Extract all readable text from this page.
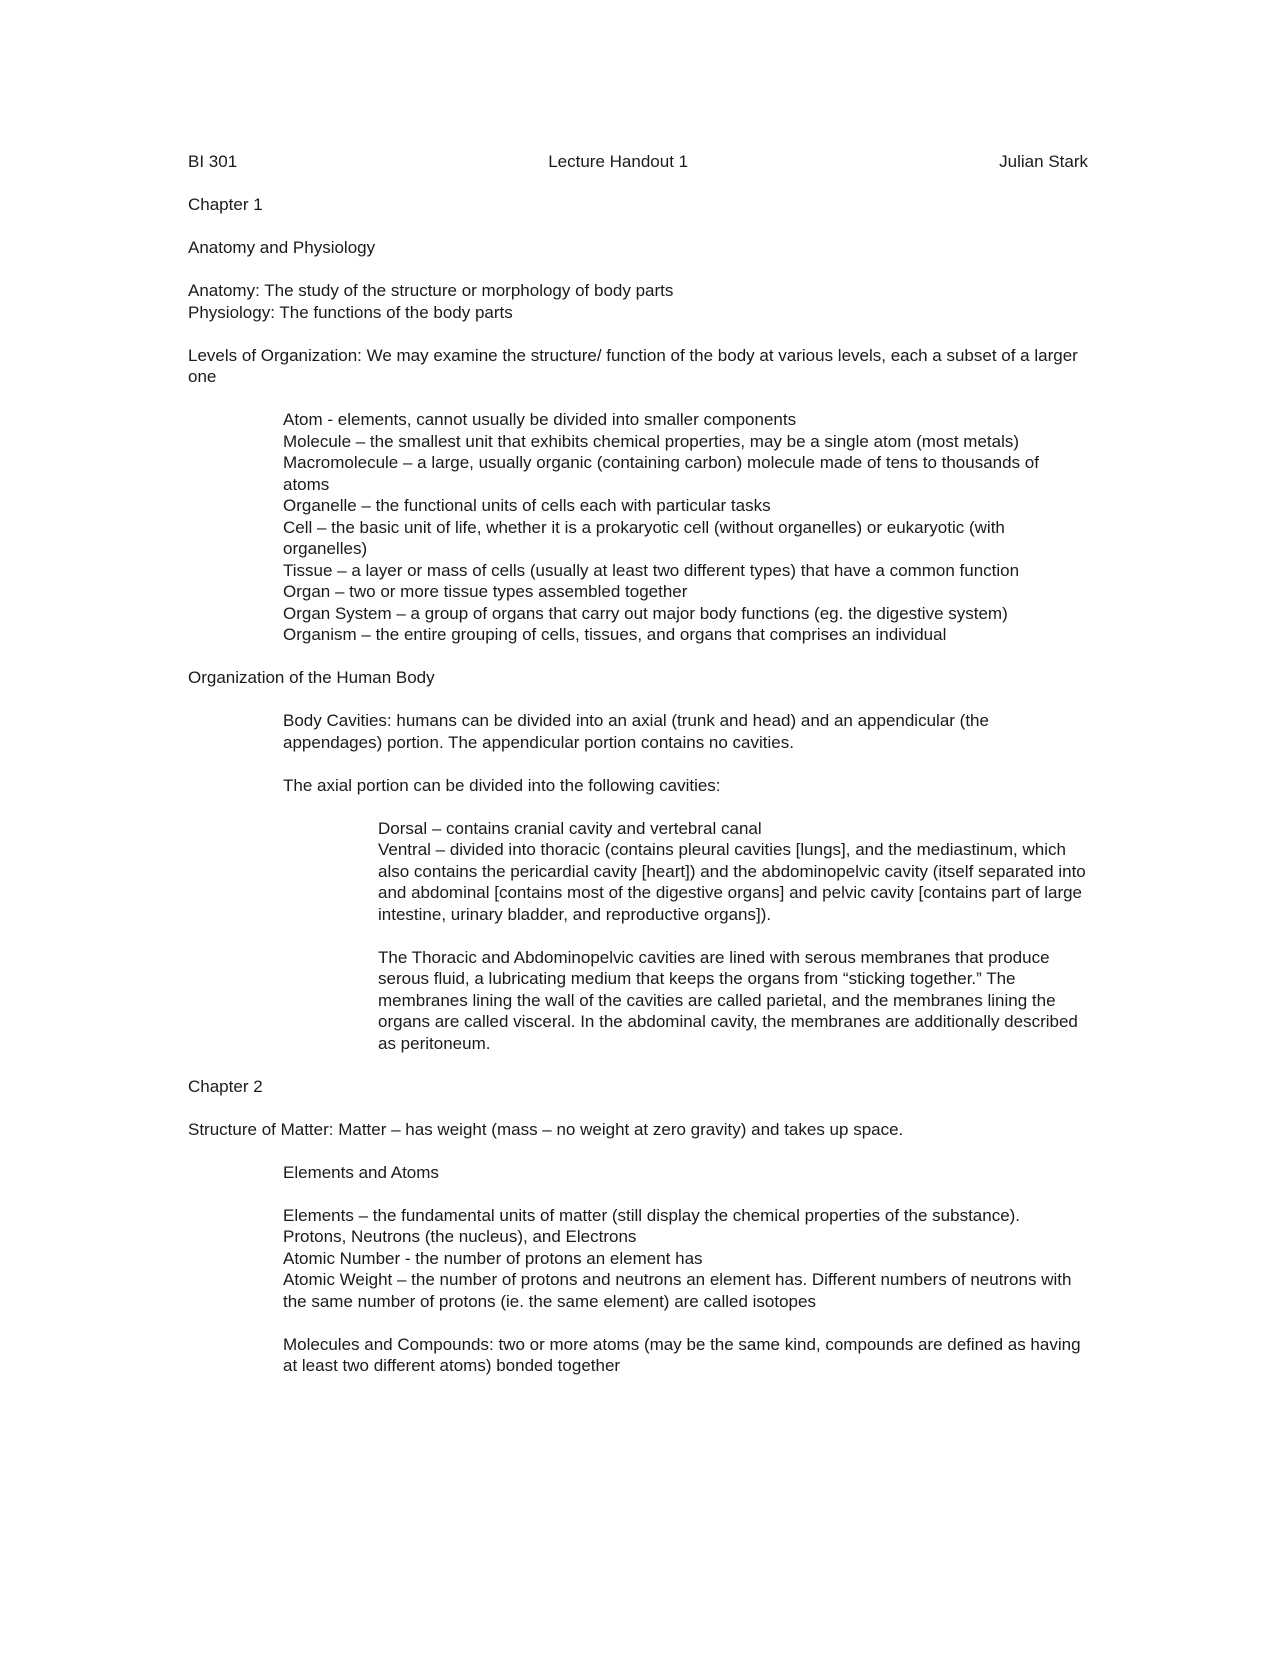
BI 301	Lecture Handout 1	Julian Stark

Chapter 1

Anatomy and Physiology

Anatomy: The study of the structure or morphology of body parts
Physiology: The functions of the body parts

Levels of Organization: We may examine the structure/ function of the body at various levels, each a subset of a larger one

Atom - elements, cannot usually be divided into smaller components
Molecule – the smallest unit that exhibits chemical properties, may be a single atom (most metals)
Macromolecule – a large, usually organic (containing carbon) molecule made of tens to thousands of atoms
Organelle – the functional units of cells each with particular tasks
Cell – the basic unit of life, whether it is a prokaryotic cell (without organelles) or eukaryotic (with organelles)
Tissue – a layer or mass of cells (usually at least two different types) that have a common function
Organ – two or more tissue types assembled together
Organ System – a group of organs that carry out major body functions (eg. the digestive system)
Organism – the entire grouping of cells, tissues, and organs that comprises an individual

Organization of the Human Body

Body Cavities: humans can be divided into an axial (trunk and head) and an appendicular (the appendages) portion. The appendicular portion contains no cavities.

The axial portion can be divided into the following cavities:

Dorsal – contains cranial cavity and vertebral canal
Ventral – divided into thoracic (contains pleural cavities [lungs], and the mediastinum, which also contains the pericardial cavity [heart]) and the abdominopelvic cavity (itself separated into and abdominal [contains most of the digestive organs] and pelvic cavity [contains part of large intestine, urinary bladder, and reproductive organs]).

The Thoracic and Abdominopelvic cavities are lined with serous membranes that produce serous fluid, a lubricating medium that keeps the organs from “sticking together.” The membranes lining the wall of the cavities are called parietal, and the membranes lining the organs are called visceral. In the abdominal cavity, the membranes are additionally described as peritoneum.

Chapter 2

Structure of Matter: Matter – has weight (mass – no weight at zero gravity) and takes up space.

Elements and Atoms

Elements – the fundamental units of matter (still display the chemical properties of the substance). Protons, Neutrons (the nucleus), and Electrons
Atomic Number - the number of protons an element has
Atomic Weight – the number of protons and neutrons an element has. Different numbers of neutrons with the same number of protons (ie. the same element) are called isotopes

Molecules and Compounds: two or more atoms (may be the same kind, compounds are defined as having at least two different atoms) bonded together
